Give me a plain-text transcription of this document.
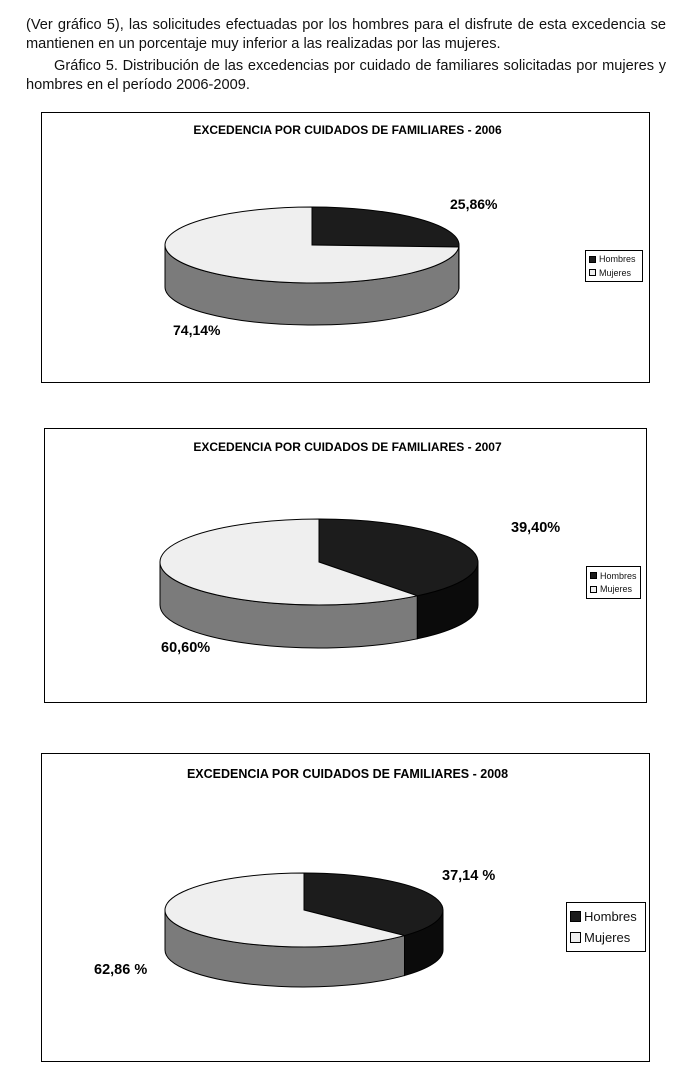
(Ver gráfico 5), las solicitudes efectuadas por los hombres para el disfrute de esta excedencia se mantienen en un porcentaje muy inferior a las realizadas por las mujeres.

Gráfico 5. Distribución de las excedencias por cuidado de familiares solicitadas por mujeres y hombres en el período 2006-2009.

EXCEDENCIA POR CUIDADOS DE FAMILIARES - 2006
25,86%
74,14%
Hombres
Mujeres
EXCEDENCIA POR CUIDADOS DE FAMILIARES - 2007
39,40%
60,60%
Hombres
Mujeres
EXCEDENCIA POR CUIDADOS DE FAMILIARES - 2008
37,14 %
62,86 %
Hombres
Mujeres
